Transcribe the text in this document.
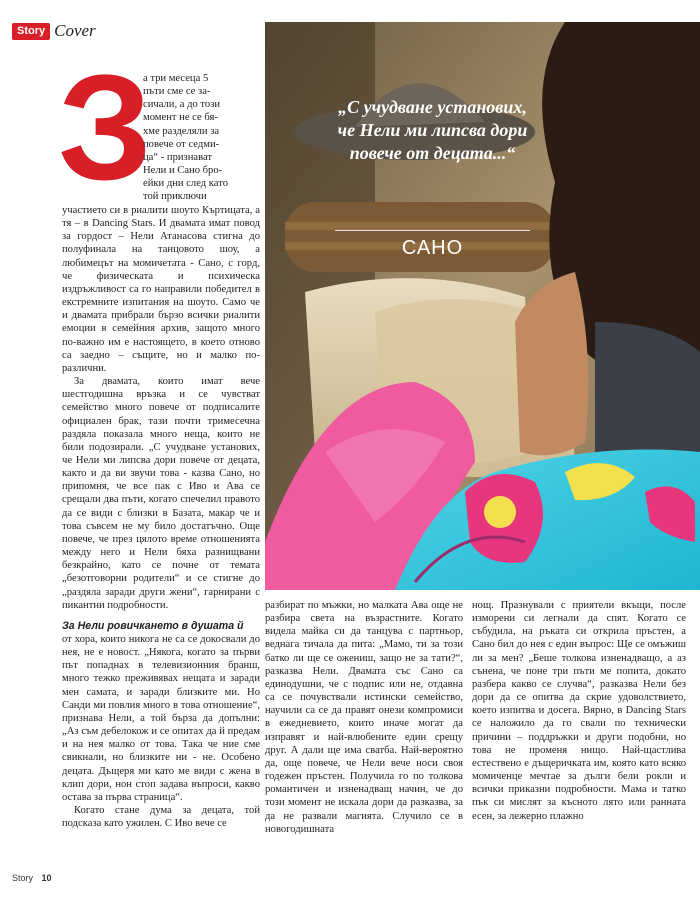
Story Cover
З
а три месеца 5
пъти сме се за-
сичали, а до този
момент не се бя-
хме разделяли за
повече от седми-
ца“ - признават
Нели и Сано бро-
ейки дни след като
той приключи

участието си в риалити шоуто Къртицата, а тя – в Dancing Stars. И двамата имат повод за гордост – Нели Атанасова стигна до полуфинала на танцовото шоу, а любимецът на момичетата - Сано, с горд, че физическата и психическа издръжливост са го направили победител в екстремните изпитания на шоуто. Само че и двамата прибрали бързо всички риалити емоции в семейния архив, защото много по-важно им е настоящето, в което отново са заедно – същите, но и малко по-различни.

За двамата, които имат вече шестгодишна връзка и се чувстват семейство много повече от подписалите официален брак, тази почти тримесечна раздяла показала много неща, които не били подозирали. „С учудване установих, че Нели ми липсва дори повече от децата, както и да ви звучи това - казва Сано, но припомня, че все пак с Иво и Ава се срещали два пъти, когато спечелил правото да се види с близки в Базата, макар че и това съвсем не му било достатъчно. Още повече, че през цялото време отношенията между него и Нели бяха разнищвани безкрайно, като се почне от темата „безотговорни родители“ и се стигне до „раздяла заради други жени“, гарнирани с пикантни подробности.

За Нели ровичкането в душата й

от хора, които никога не са се докосвали до нея, не е новост. „Някога, когато за първи път попаднах в телевизионния бранш, много тежко преживявах нещата и заради мен самата, и заради близките ми. Но Санди ми повлия много в това отношение“, признава Нели, а той бърза да допълни: „Аз съм дебелокож и се опитах да й предам и на нея малко от това. Така че ние сме свикнали, но близките ни - не. Особено децата. Дъщеря ми като ме види с жена в клип дори, нон стоп задава въпроси, какво остава за първа страница“.

Когато стане дума за децата, той подсказа като ужилен. С Иво вече се

„С учудване установих, че Нели ми липсва дори повече от децата...“
САНО

разбират по мъжки, но малката Ава още не разбира света на възрастните. Когато видела майка си да танцува с партньор, веднага тичала да пита: „Мамо, ти за този батко ли ще се ожениш, защо не за тати?“, разказва Нели. Двамата със Сано са единодушни, че с подпис или не, отдавна са се почувствали истински семейство, научили са се да правят онези компромиси в ежедневието, които иначе могат да изправят и най-влюбените един срещу друг. А дали ще има сватба. Най-вероятно да, още повече, че Нели вече носи своя годежен пръстен. Получила го по толкова романтичен и изненадващ начин, че до този момент не искала дори да разказва, за да не развали магията. Случило се в новогодишната

нощ. Празнували с приятели вкъщи, после изморени си легнали да спят. Когато се събудила, на ръката си открила пръстен, а Сано бил до нея с един въпрос: Ще се омъжиш ли за мен? „Беше толкова изненадващо, а аз сънена, че поне три пъти ме попита, докато разбера какво се случва“, разказва Нели без дори да се опитва да скрие удоволствието, което изпитва и досега. Вярно, в Dancing Stars се наложило да го свали по технически причини – поддръжки и други подобни, но това не променя нищо. Най-щастлива естествено е дъщеричката им, която като всяко момиченце мечтае за дълги бели рокли и всички приказни подробности. Мама и татко пък си мислят за късното лято или ранната есен, за лежерно плажно

Story 10
